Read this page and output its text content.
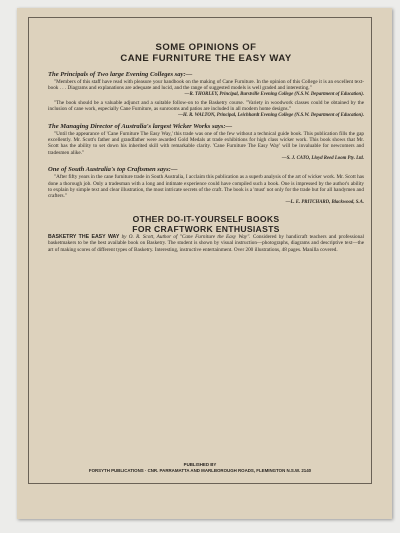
SOME OPINIONS OF
CANE FURNITURE THE EASY WAY
The Principals of Two large Evening Colleges say:—

"Members of this staff have read with pleasure your handbook on the making of Cane Furniture. In the opinion of this College it is an excellent text-book . . . Diagrams and explanations are adequate and lucid, and the range of suggested models is well graded and interesting."

—R. THORLEY, Principal, Burstville Evening College (N.S.W. Department of Education).

"The book should be a valuable adjunct and a suitable follow-on to the Basketry course. "Variety in woodwork classes could be obtained by the inclusion of cane work, especially Cane Furniture, as sunrooms and patios are included in all modern home designs."

—H. R. WALTON, Principal, Leichhardt Evening College (N.S.W. Department of Education).
The Managing Director of Australia's largest Wicker Works says:—

"Until the appearance of 'Cane Furniture The Easy Way,' this trade was one of the few without a technical guide book. This publication fills the gap excellently. Mr. Scott's father and grandfather were awarded Gold Medals at trade exhibitions for high class wicker work. This book shows that Mr. Scott has the ability to set down his inherited skill with remarkable clarity. 'Cane Furniture The Easy Way' will be invaluable for newcomers and tradesmen alike."

—S. J. CATO, Lloyd Reed Loom Pty. Ltd.
One of South Australia's top Craftsmen says:—

"After fifty years in the cane furniture trade in South Australia, I acclaim this publication as a superb analysis of the art of wicker work. Mr. Scott has done a thorough job. Only a tradesman with a long and intimate experience could have compiled such a book. One is impressed by the author's ability to explain by simple text and clear illustration, the most intricate secrets of the craft. The book is a 'must' not only for the trade but for all handymen and crafters."

—L. E. PRITCHARD, Blackwood, S.A.
OTHER DO-IT-YOURSELF BOOKS
FOR CRAFTWORK ENTHUSIASTS

BASKETRY THE EASY WAY by O. R. Scott, Author of "Cane Furniture the Easy Way". Considered by handicraft teachers and professional basketmakers to be the best available book on Basketry. The student is shown by visual instruction—photographs, diagrams and descriptive text—the art of making scores of different types of Basketry. Interesting, instructive entertainment. Over 200 illustrations, 48 pages. Manilla covered.

PUBLISHED BY
FORSYTH PUBLICATIONS · CNR. PARRAMATTA AND MARLBOROUGH ROADS, FLEMINGTON N.S.W. 2140
